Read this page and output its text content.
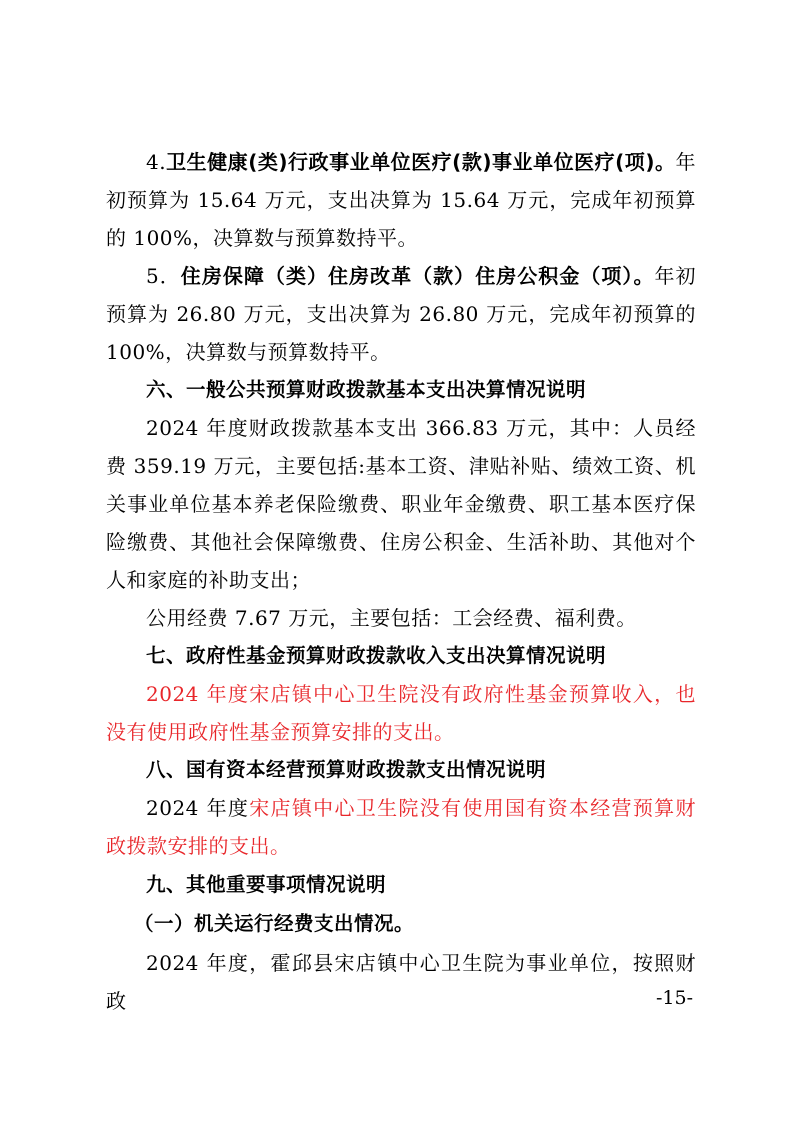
4.卫生健康(类)行政事业单位医疗(款)事业单位医疗(项)。年初预算为 15.64 万元，支出决算为 15.64 万元，完成年初预算的 100%，决算数与预算数持平。

5．住房保障（类）住房改革（款）住房公积金（项）。年初预算为 26.80 万元，支出决算为 26.80 万元，完成年初预算的 100%，决算数与预算数持平。

六、一般公共预算财政拨款基本支出决算情况说明

2024 年度财政拨款基本支出 366.83 万元，其中：人员经费 359.19 万元，主要包括:基本工资、津贴补贴、绩效工资、机关事业单位基本养老保险缴费、职业年金缴费、职工基本医疗保险缴费、其他社会保障缴费、住房公积金、生活补助、其他对个人和家庭的补助支出；

公用经费 7.67 万元，主要包括：工会经费、福利费。

七、政府性基金预算财政拨款收入支出决算情况说明

2024 年度宋店镇中心卫生院没有政府性基金预算收入，也没有使用政府性基金预算安排的支出。

八、国有资本经营预算财政拨款支出情况说明

2024 年度宋店镇中心卫生院没有使用国有资本经营预算财政拨款安排的支出。

九、其他重要事项情况说明

（一）机关运行经费支出情况。

2024 年度，霍邱县宋店镇中心卫生院为事业单位，按照财政	-15-
